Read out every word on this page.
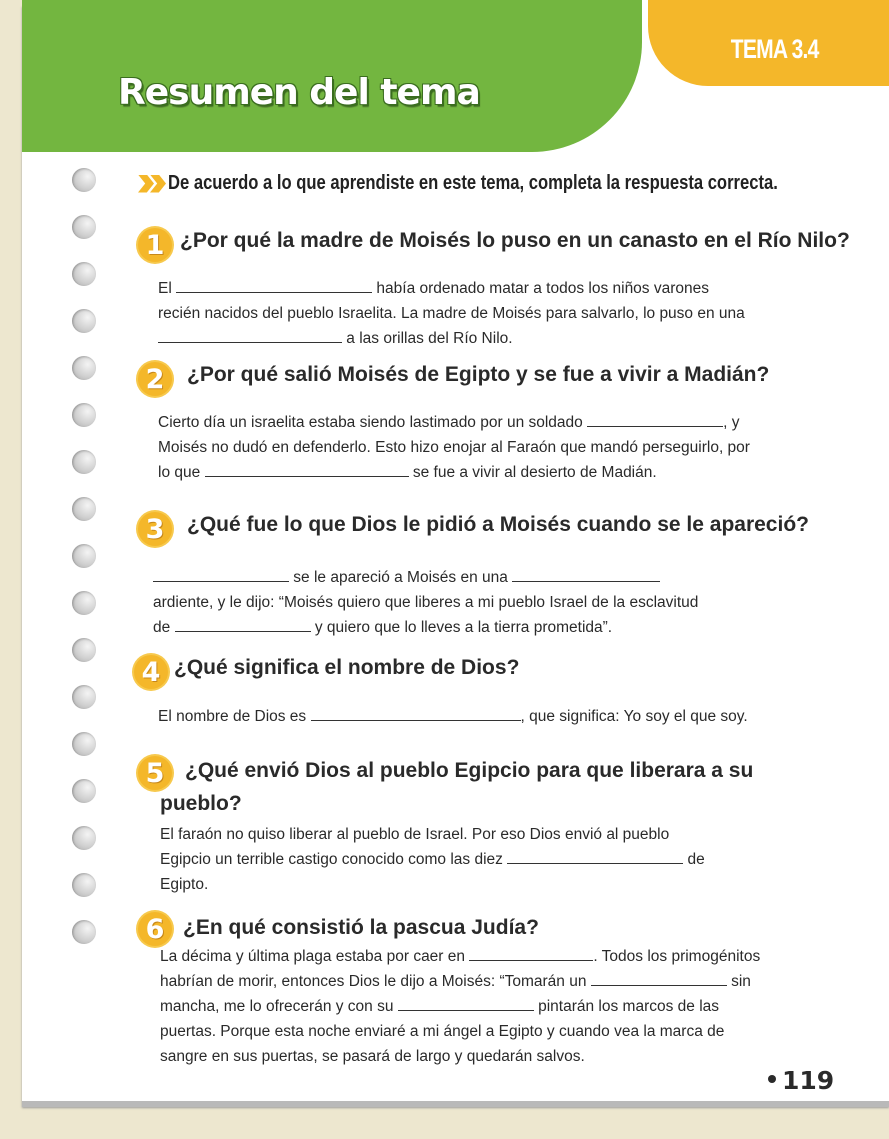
TEMA 3.4
Resumen del tema
De acuerdo a lo que aprendiste en este tema, completa la respuesta correcta.
1 ¿Por qué la madre de Moisés lo puso en un canasto en el Río Nilo?
El	había ordenado matar a todos los niños varones
recién nacidos del pueblo Israelita. La madre de Moisés para salvarlo, lo puso en una
a las orillas del Río Nilo.
2	¿Por qué salió Moisés de Egipto y se fue a vivir a Madián?
Cierto día un israelita estaba siendo lastimado por un soldado	, y
Moisés no dudó en defenderlo. Esto hizo enojar al Faraón que mandó perseguirlo, por
lo que	se fue a vivir al desierto de Madián.
3	¿Qué fue lo que Dios le pidió a Moisés cuando se le apareció?
se le apareció a Moisés en una
ardiente, y le dijo: “Moisés quiero que liberes a mi pueblo Israel de la esclavitud
de	y quiero que lo lleves a la tierra prometida”.
4 ¿Qué significa el nombre de Dios?
El nombre de Dios es	, que significa: Yo soy el que soy.
5 ¿Qué envió Dios al pueblo Egipcio para que liberara a su
pueblo?
El faraón no quiso liberar al pueblo de Israel. Por eso Dios envió al pueblo
Egipcio un terrible castigo conocido como las diez	de
Egipto.
6 ¿En qué consistió la pascua Judía?
La décima y última plaga estaba por caer en	. Todos los primogénitos
habrían de morir, entonces Dios le dijo a Moisés: “Tomarán un	sin
mancha, me lo ofrecerán y con su	pintarán los marcos de las
puertas. Porque esta noche enviaré a mi ángel a Egipto y cuando vea la marca de
sangre en sus puertas, se pasará de largo y quedarán salvos.
119
